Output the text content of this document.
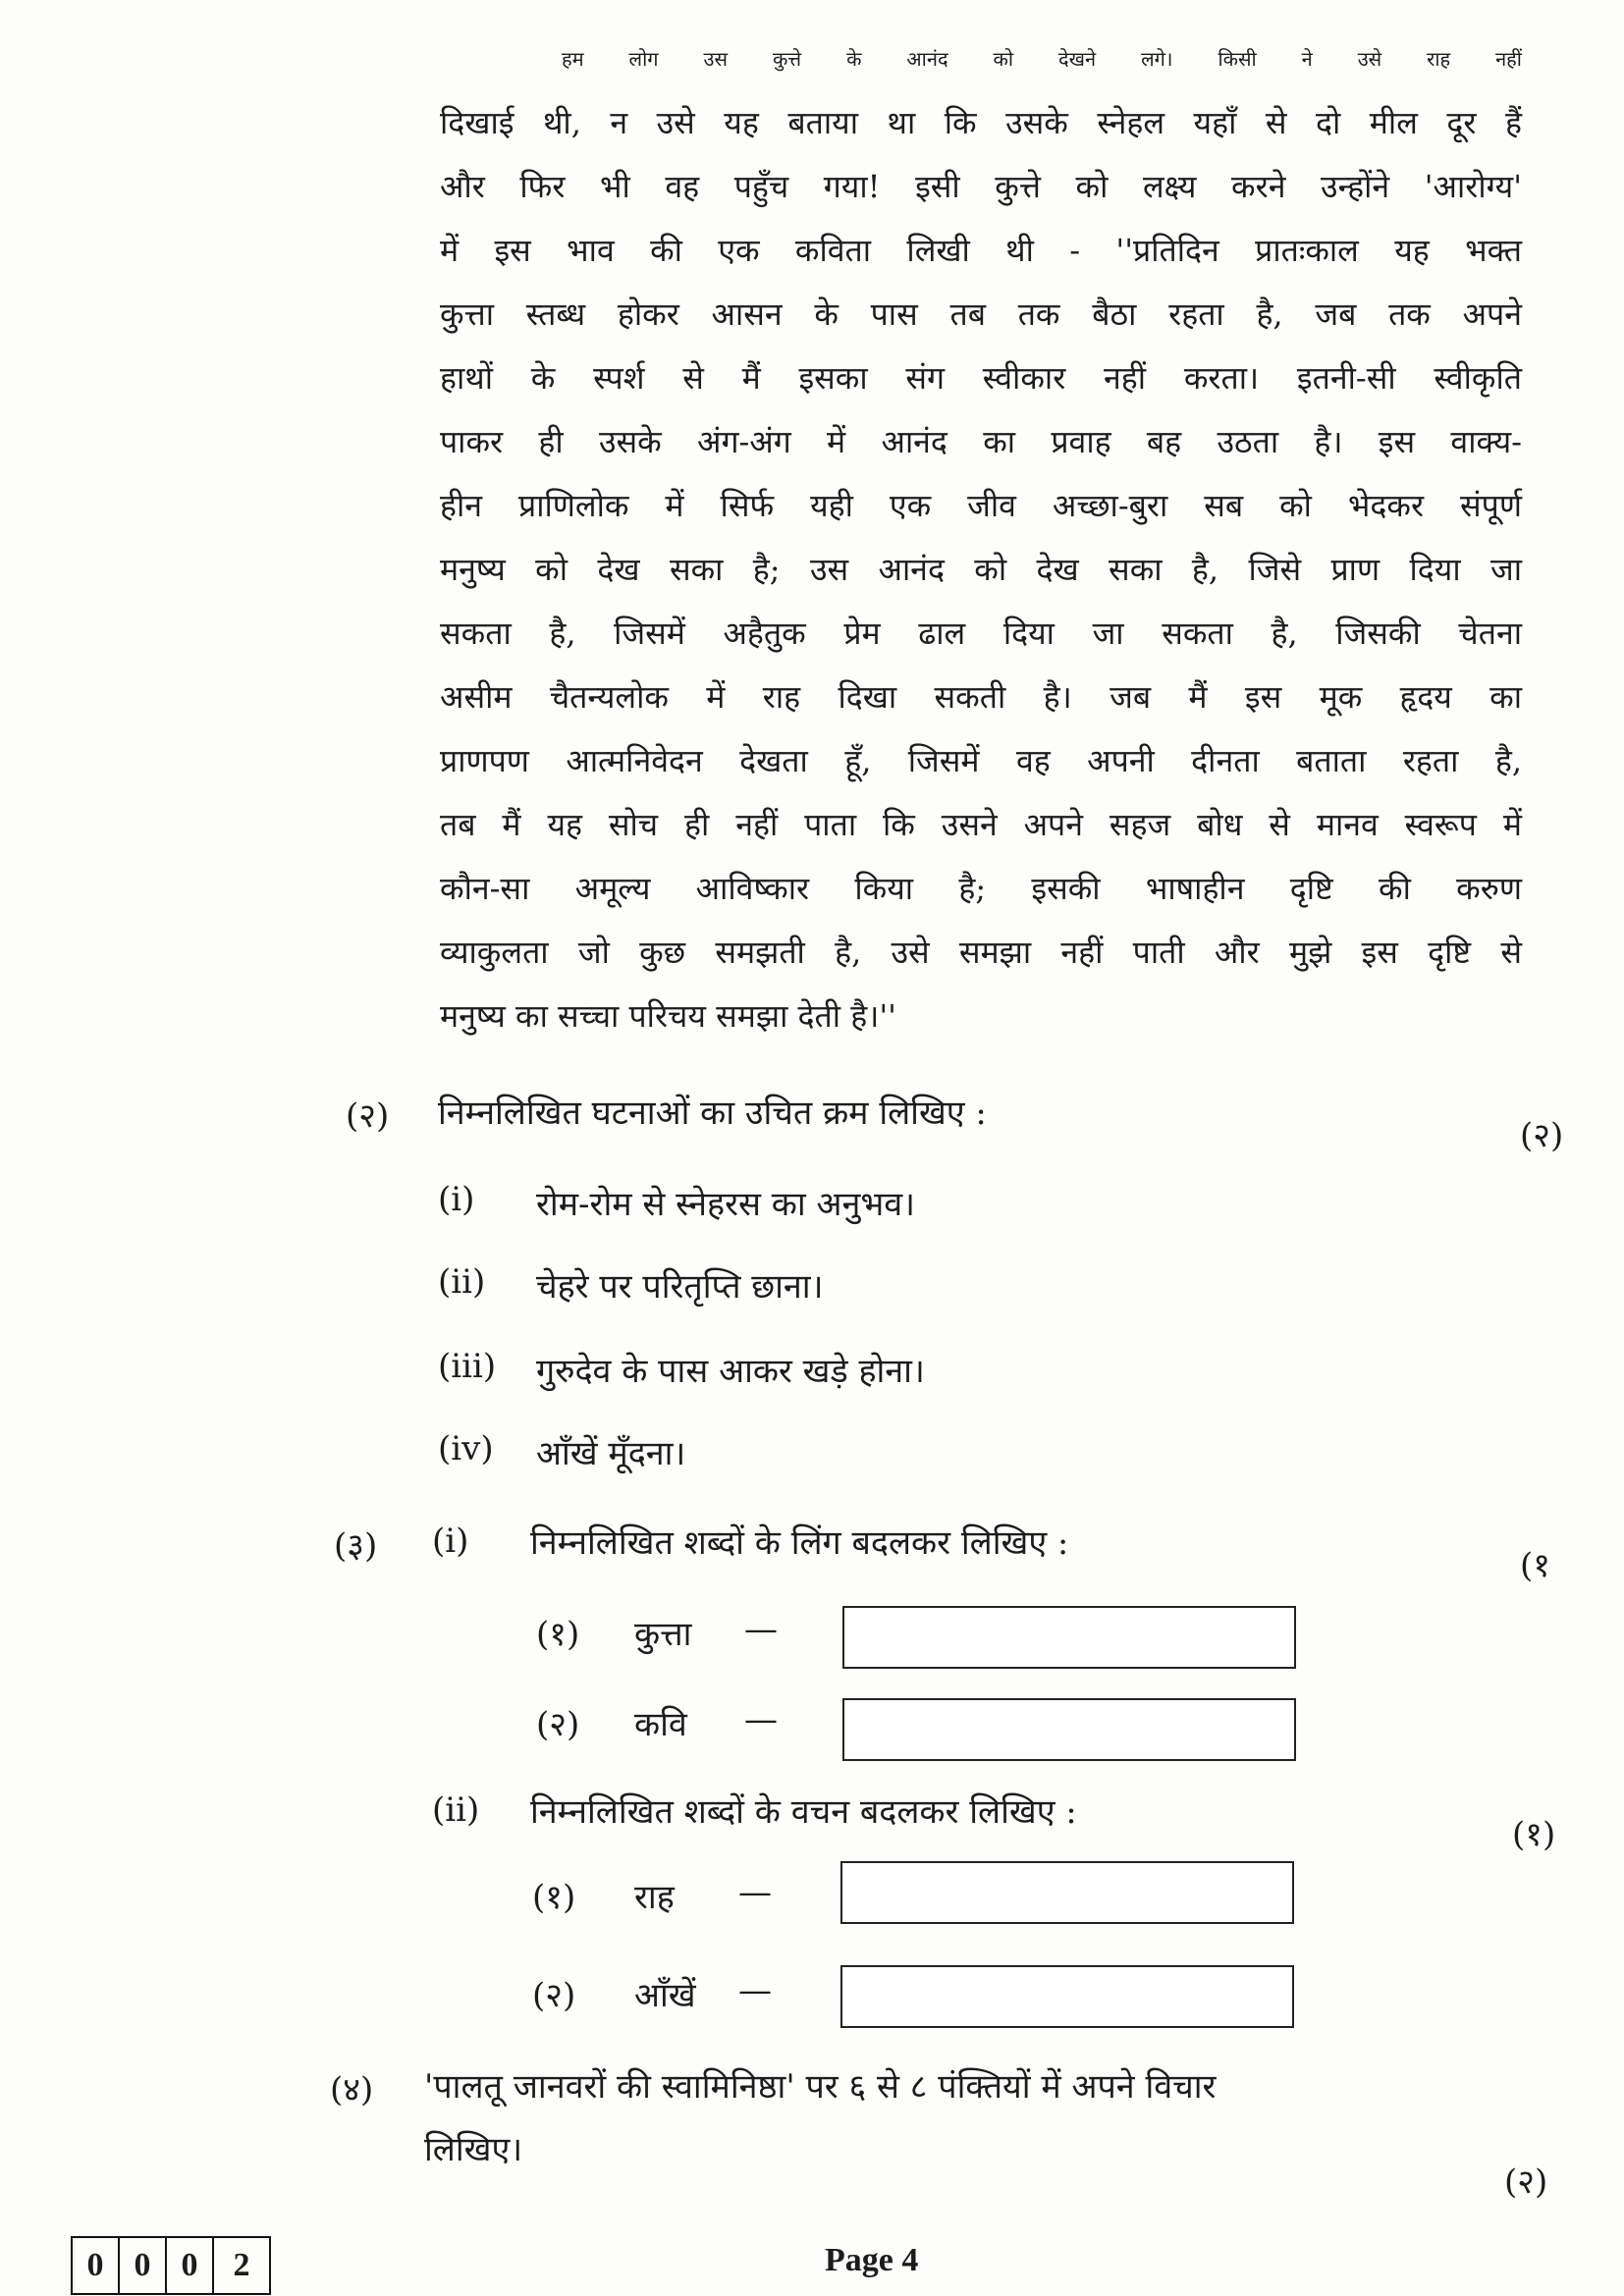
हम लोग उस कुत्ते के आनंद को देखने लगे। किसी ने उसे राह नहीं
दिखाई थी, न उसे यह बताया था कि उसके स्नेहल यहाँ से दो मील दूर हैं
और फिर भी वह पहुँच गया! इसी कुत्ते को लक्ष्य करने उन्होंने 'आरोग्य'
में इस भाव की एक कविता लिखी थी - ''प्रतिदिन प्रातःकाल यह भक्त
कुत्ता स्तब्ध होकर आसन के पास तब तक बैठा रहता है, जब तक अपने
हाथों के स्पर्श से मैं इसका संग स्वीकार नहीं करता। इतनी-सी स्वीकृति
पाकर ही उसके अंग-अंग में आनंद का प्रवाह बह उठता है। इस वाक्य-
हीन प्राणिलोक में सिर्फ यही एक जीव अच्छा-बुरा सब को भेदकर संपूर्ण
मनुष्य को देख सका है; उस आनंद को देख सका है, जिसे प्राण दिया जा
सकता है, जिसमें अहैतुक प्रेम ढाल दिया जा सकता है, जिसकी चेतना
असीम चैतन्यलोक में राह दिखा सकती है। जब मैं इस मूक हृदय का
प्राणपण आत्मनिवेदन देखता हूँ, जिसमें वह अपनी दीनता बताता रहता है,
तब मैं यह सोच ही नहीं पाता कि उसने अपने सहज बोध से मानव स्वरूप में
कौन-सा अमूल्य आविष्कार किया है; इसकी भाषाहीन दृष्टि की करुण
व्याकुलता जो कुछ समझती है, उसे समझा नहीं पाती और मुझे इस दृष्टि से
मनुष्य का सच्चा परिचय समझा देती है।''
(२) निम्नलिखित घटनाओं का उचित क्रम लिखिए :
(२)
(i) रोम-रोम से स्नेहरस का अनुभव।
(ii) चेहरे पर परितृप्ति छाना।
(iii) गुरुदेव के पास आकर खड़े होना।
(iv) आँखें मूँदना।
(३) (i) निम्नलिखित शब्दों के लिंग बदलकर लिखिए :
(१
(१) कुत्ता —
(२) कवि —
(ii) निम्नलिखित शब्दों के वचन बदलकर लिखिए :
(१)
(१) राह —
(२) आँखें —
(४) 'पालतू जानवरों की स्वामिनिष्ठा' पर ६ से ८ पंक्तियों में अपने विचार
लिखिए।
(२)
0 0 0	2	Page 4
